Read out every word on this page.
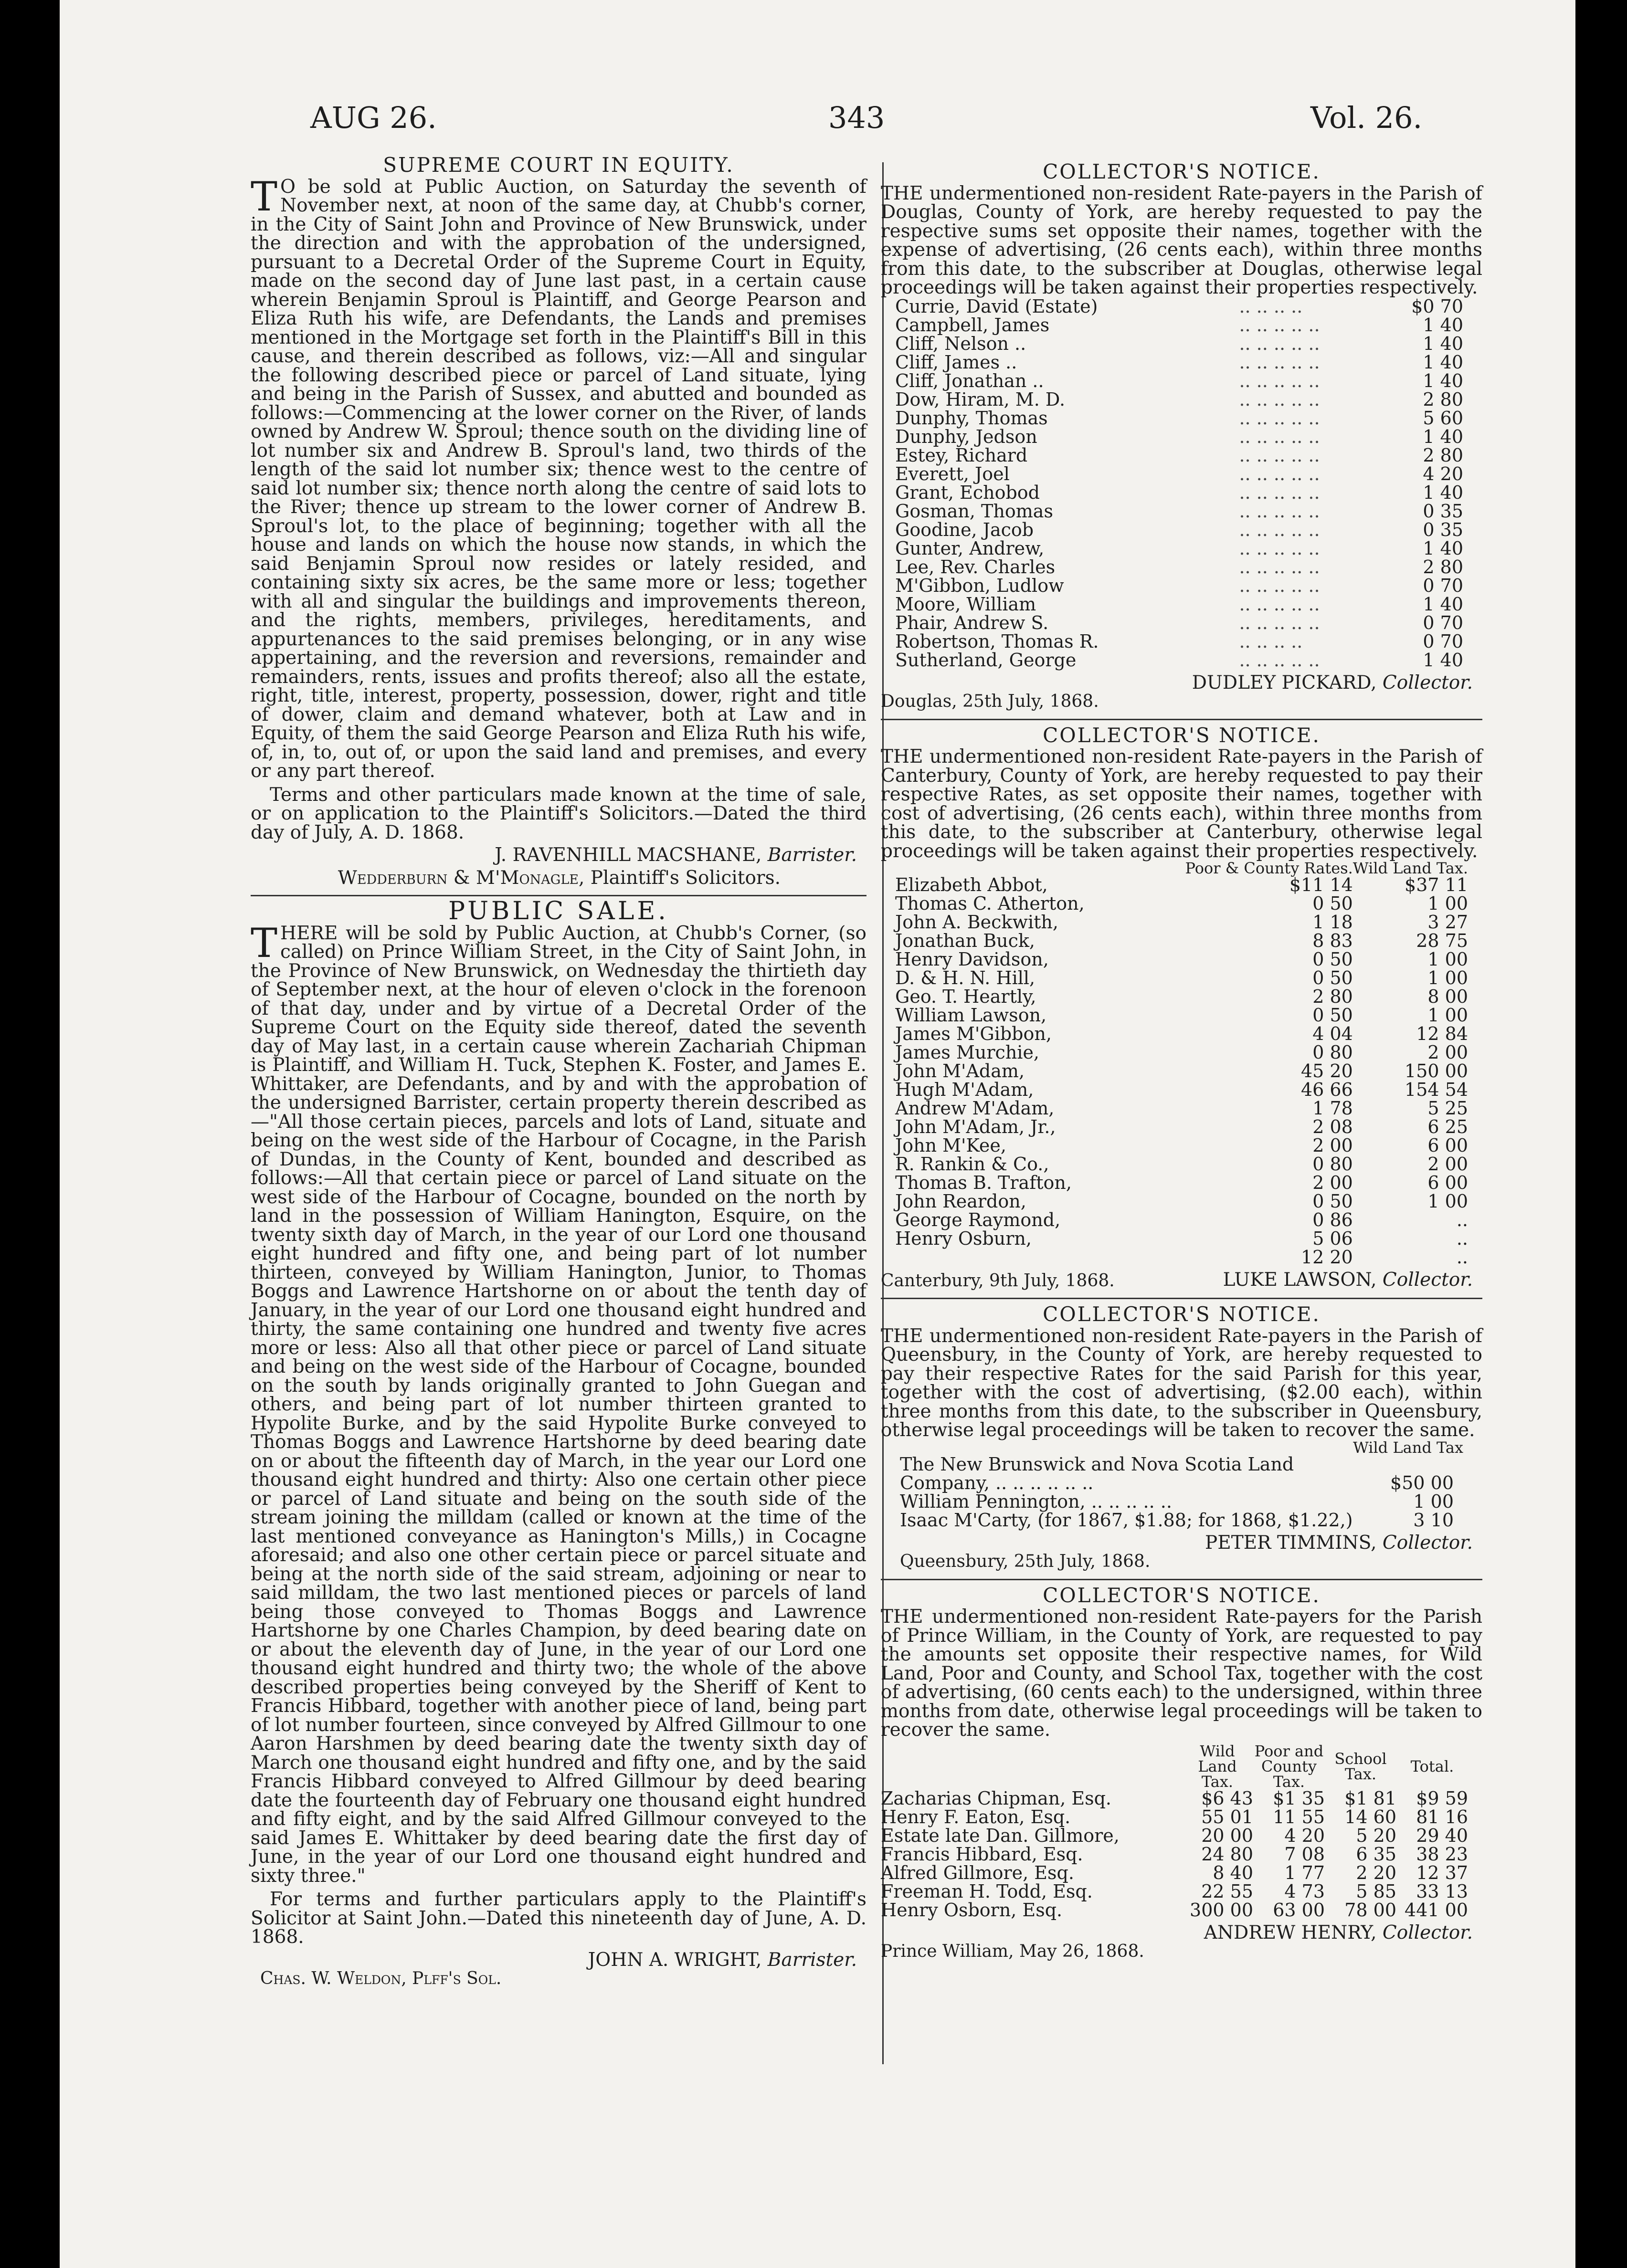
AUG 26.	343	Vol. 26.
SUPREME COURT IN EQUITY.

T O be sold at Public Auction, on Saturday the seventh of November next, at noon of the same day, at Chubb's corner, in the City of Saint John and Province of New Brunswick, under the direction and with the approbation of the undersigned, pursuant to a Decretal Order of the Supreme Court in Equity, made on the second day of June last past, in a certain cause wherein Benjamin Sproul is Plaintiff, and George Pearson and Eliza Ruth his wife, are Defendants, the Lands and premises mentioned in the Mortgage set forth in the Plaintiff's Bill in this cause, and therein described as follows, viz:—All and singular the following described piece or parcel of Land situate, lying and being in the Parish of Sussex, and abutted and bounded as follows:—Commencing at the lower corner on the River, of lands owned by Andrew W. Sproul; thence south on the dividing line of lot number six and Andrew B. Sproul's land, two thirds of the length of the said lot number six; thence west to the centre of said lot number six; thence north along the centre of said lots to the River; thence up stream to the lower corner of Andrew B. Sproul's lot, to the place of beginning; together with all the house and lands on which the house now stands, in which the said Benjamin Sproul now resides or lately resided, and containing sixty six acres, be the same more or less; together with all and singular the buildings and improvements thereon, and the rights, members, privileges, hereditaments, and appurtenances to the said premises belonging, or in any wise appertaining, and the reversion and reversions, remainder and remainders, rents, issues and profits thereof; also all the estate, right, title, interest, property, possession, dower, right and title of dower, claim and demand whatever, both at Law and in Equity, of them the said George Pearson and Eliza Ruth his wife, of, in, to, out of, or upon the said land and premises, and every or any part thereof.

Terms and other particulars made known at the time of sale, or on application to the Plaintiff's Solicitors.—Dated the third day of July, A. D. 1868.

J. RAVENHILL MACSHANE, Barrister.
Wedderburn & M'Monagle, Plaintiff's Solicitors.
PUBLIC SALE.

THERE will be sold by Public Auction, at Chubb's Corner, (so called) on Prince William Street, in the City of Saint John, in the Province of New Brunswick, on Wednesday the thirtieth day of September next, at the hour of eleven o'clock in the forenoon of that day, under and by virtue of a Decretal Order of the Supreme Court on the Equity side thereof, dated the seventh day of May last, in a certain cause wherein Zachariah Chipman is Plaintiff, and William H. Tuck, Stephen K. Foster, and James E. Whittaker, are Defendants, and by and with the approbation of the undersigned Barrister, certain property therein described as—"All those certain pieces, parcels and lots of Land, situate and being on the west side of the Harbour of Cocagne, in the Parish of Dundas, in the County of Kent, bounded and described as follows:—All that certain piece or parcel of Land situate on the west side of the Harbour of Cocagne, bounded on the north by land in the possession of William Hanington, Esquire, on the twenty sixth day of March, in the year of our Lord one thousand eight hundred and fifty one, and being part of lot number thirteen, conveyed by William Hanington, Junior, to Thomas Boggs and Lawrence Hartshorne on or about the tenth day of January, in the year of our Lord one thousand eight hundred and thirty, the same containing one hundred and twenty five acres more or less: Also all that other piece or parcel of Land situate and being on the west side of the Harbour of Cocagne, bounded on the south by lands originally granted to John Guegan and others, and being part of lot number thirteen granted to Hypolite Burke, and by the said Hypolite Burke conveyed to Thomas Boggs and Lawrence Hartshorne by deed bearing date on or about the fifteenth day of March, in the year our Lord one thousand eight hundred and thirty: Also one certain other piece or parcel of Land situate and being on the south side of the stream joining the milldam (called or known at the time of the last mentioned conveyance as Hanington's Mills,) in Cocagne aforesaid; and also one other certain piece or parcel situate and being at the north side of the said stream, adjoining or near to said milldam, the two last mentioned pieces or parcels of land being those conveyed to Thomas Boggs and Lawrence Hartshorne by one Charles Champion, by deed bearing date on or about the eleventh day of June, in the year of our Lord one thousand eight hundred and thirty two; the whole of the above described properties being conveyed by the Sheriff of Kent to Francis Hibbard, together with another piece of land, being part of lot number fourteen, since conveyed by Alfred Gillmour to one Aaron Harshmen by deed bearing date the twenty sixth day of March one thousand eight hundred and fifty one, and by the said Francis Hibbard conveyed to Alfred Gillmour by deed bearing date the fourteenth day of February one thousand eight hundred and fifty eight, and by the said Alfred Gillmour conveyed to the said James E. Whittaker by deed bearing date the first day of June, in the year of our Lord one thousand eight hundred and sixty three."

For terms and further particulars apply to the Plaintiff's Solicitor at Saint John.—Dated this nineteenth day of June, A. D. 1868.

JOHN A. WRIGHT, Barrister.
Chas. W. Weldon, Plff's Sol.
COLLECTOR'S NOTICE.

THE undermentioned non-resident Rate-payers in the Parish of Douglas, County of York, are hereby requested to pay the respective sums set opposite their names, together with the expense of advertising, (26 cents each), within three months from this date, to the subscriber at Douglas, otherwise legal proceedings will be taken against their properties respectively.

Currie, David (Estate)	.. .. .. ..	$0 70
Campbell, James	.. .. .. .. ..	1 40
Cliff, Nelson ..	.. .. .. .. ..	1 40
Cliff, James ..	.. .. .. .. ..	1 40
Cliff, Jonathan ..	.. .. .. .. ..	1 40
Dow, Hiram, M. D.	.. .. .. .. ..	2 80
Dunphy, Thomas	.. .. .. .. ..	5 60
Dunphy, Jedson	.. .. .. .. ..	1 40
Estey, Richard	.. .. .. .. ..	2 80
Everett, Joel	.. .. .. .. ..	4 20
Grant, Echobod	.. .. .. .. ..	1 40
Gosman, Thomas	.. .. .. .. ..	0 35
Goodine, Jacob	.. .. .. .. ..	0 35
Gunter, Andrew,	.. .. .. .. ..	1 40
Lee, Rev. Charles	.. .. .. .. ..	2 80
M'Gibbon, Ludlow	.. .. .. .. ..	0 70
Moore, William	.. .. .. .. ..	1 40
Phair, Andrew S.	.. .. .. .. ..	0 70
Robertson, Thomas R.	.. .. .. ..	0 70
Sutherland, George	.. .. .. .. ..	1 40
DUDLEY PICKARD, Collector.
Douglas, 25th July, 1868.
COLLECTOR'S NOTICE.

THE undermentioned non-resident Rate-payers in the Parish of Canterbury, County of York, are hereby requested to pay their respective Rates, as set opposite their names, together with cost of advertising, (26 cents each), within three months from this date, to the subscriber at Canterbury, otherwise legal proceedings will be taken against their properties respectively.

	Poor & County Rates.	Wild Land Tax.
Elizabeth Abbot,	$11 14	$37 11
Thomas C. Atherton,	0 50	1 00
John A. Beckwith,	1 18	3 27
Jonathan Buck,	8 83	28 75
Henry Davidson,	0 50	1 00
D. & H. N. Hill,	0 50	1 00
Geo. T. Heartly,	2 80	8 00
William Lawson,	0 50	1 00
James M'Gibbon,	4 04	12 84
James Murchie,	0 80	2 00
John M'Adam,	45 20	150 00
Hugh M'Adam,	46 66	154 54
Andrew M'Adam,	1 78	5 25
John M'Adam, Jr.,	2 08	6 25
John M'Kee,	2 00	6 00
R. Rankin & Co.,	0 80	2 00
Thomas B. Trafton,	2 00	6 00
John Reardon,	0 50	1 00
George Raymond,	0 86	..
Henry Osburn,	5 06	..
	12 20	..
LUKE LAWSON, Collector.
Canterbury, 9th July, 1868.
COLLECTOR'S NOTICE.

THE undermentioned non-resident Rate-payers in the Parish of Queensbury, in the County of York, are hereby requested to pay their respective Rates for the said Parish for this year, together with the cost of advertising, ($2.00 each), within three months from this date, to the subscriber in Queensbury, otherwise legal proceedings will be taken to recover the same.

Wild Land Tax
The New Brunswick and Nova Scotia Land	
Company, .. .. .. .. .. ..	$50 00
William Pennington, .. .. .. .. ..	1 00
Isaac M'Carty, (for 1867, $1.88; for 1868, $1.22,)	3 10
PETER TIMMINS, Collector.
Queensbury, 25th July, 1868.
COLLECTOR'S NOTICE.

THE undermentioned non-resident Rate-payers for the Parish of Prince William, in the County of York, are requested to pay the amounts set opposite their respective names, for Wild Land, Poor and County, and School Tax, together with the cost of advertising, (60 cents each) to the undersigned, within three months from date, otherwise legal proceedings will be taken to recover the same.

	Wild Land Tax.	Poor and County Tax.	School Tax.	Total.
Zacharias Chipman, Esq.	$6 43	$1 35	$1 81	$9 59
Henry F. Eaton, Esq.	55 01	11 55	14 60	81 16
Estate late Dan. Gillmore,	20 00	4 20	5 20	29 40
Francis Hibbard, Esq.	24 80	7 08	6 35	38 23
Alfred Gillmore, Esq.	8 40	1 77	2 20	12 37
Freeman H. Todd, Esq.	22 55	4 73	5 85	33 13
Henry Osborn, Esq.	300 00	63 00	78 00	441 00
ANDREW HENRY, Collector.
Prince William, May 26, 1868.
